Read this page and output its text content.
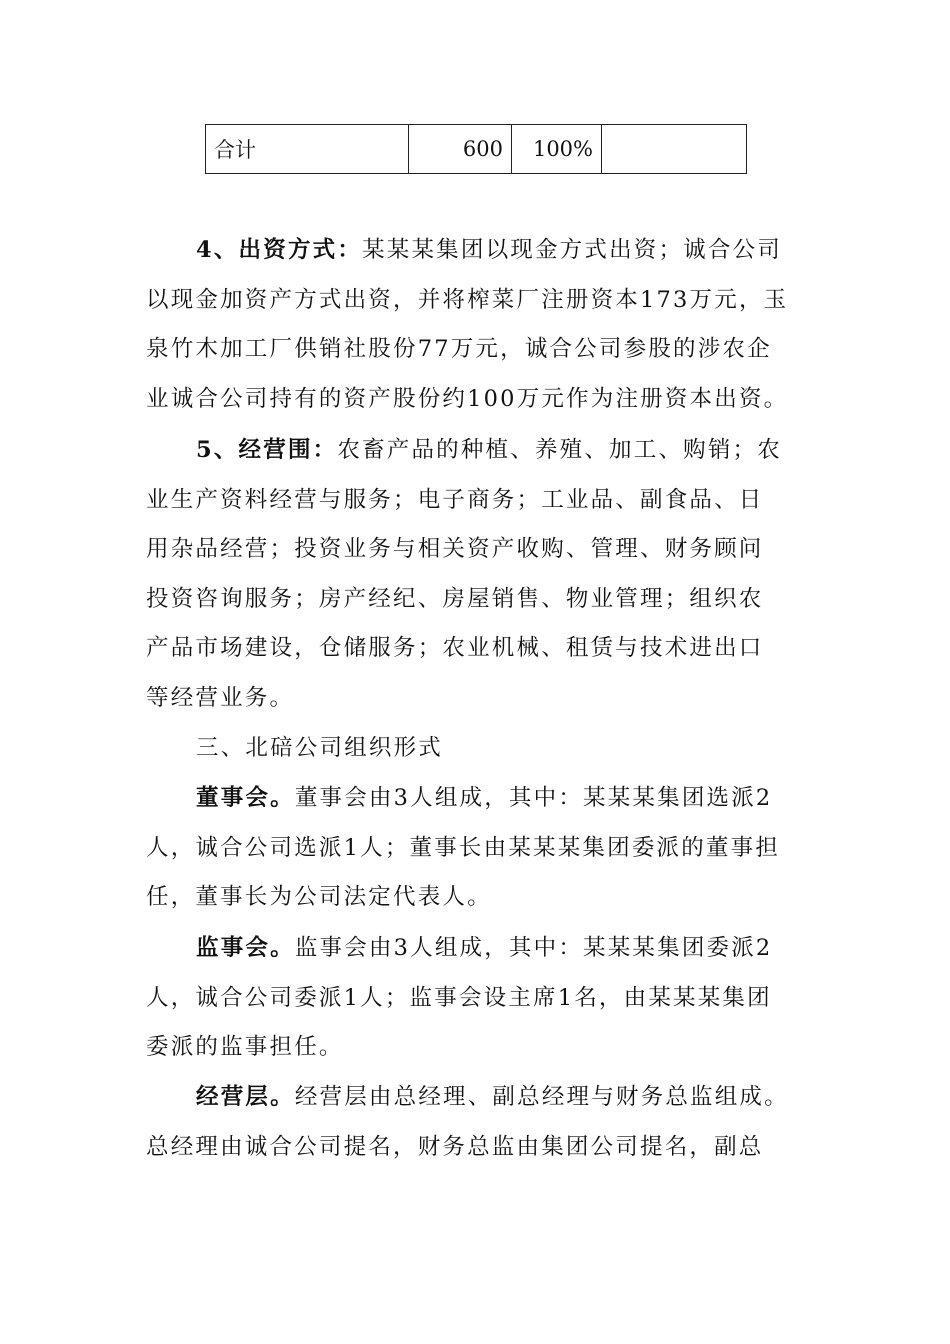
合计	600	100%	

4、出资方式：某某某集团以现金方式出资；诚合公司
以现金加资产方式出资，并将榨菜厂注册资本173万元，玉
泉竹木加工厂供销社股份77万元，诚合公司参股的涉农企
业诚合公司持有的资产股份约100万元作为注册资本出资。

5、经营围：农畜产品的种植、养殖、加工、购销；农
业生产资料经营与服务；电子商务；工业品、副食品、日
用杂品经营；投资业务与相关资产收购、管理、财务顾问
投资咨询服务；房产经纪、房屋销售、物业管理；组织农
产品市场建设，仓储服务；农业机械、租赁与技术进出口
等经营业务。

三、北碚公司组织形式

董事会。董事会由3人组成，其中：某某某集团选派2
人，诚合公司选派1人；董事长由某某某集团委派的董事担
任，董事长为公司法定代表人。

监事会。监事会由3人组成，其中：某某某集团委派2
人，诚合公司委派1人；监事会设主席1名，由某某某集团
委派的监事担任。

经营层。经营层由总经理、副总经理与财务总监组成。
总经理由诚合公司提名，财务总监由集团公司提名，副总
